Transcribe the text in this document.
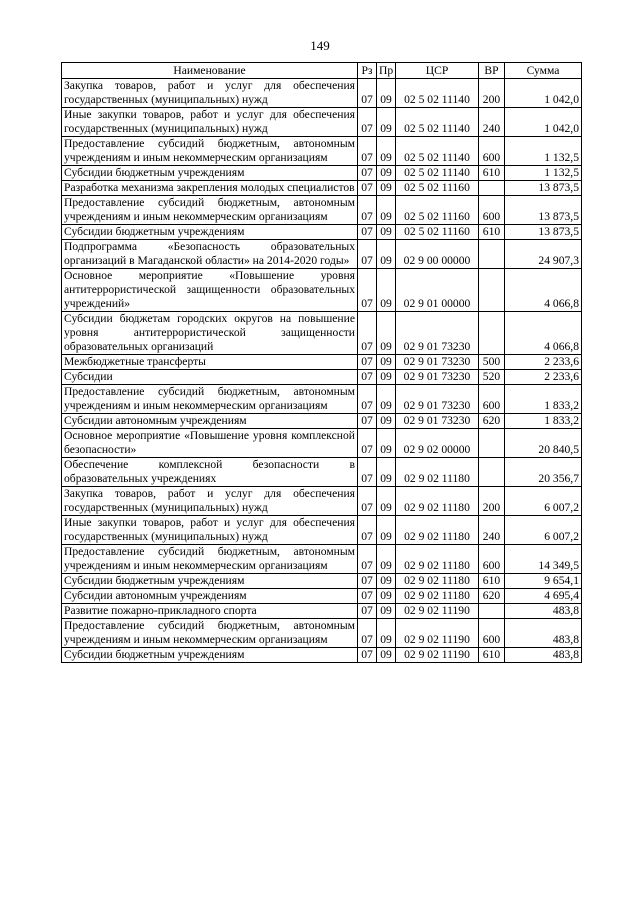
149
Наименование	Рз	Пр	ЦСР	ВР	Сумма
Закупка товаров, работ и услуг для обеспечения государственных (муниципальных) нужд	07	09	02 5 02 11140	200	1 042,0
Иные закупки товаров, работ и услуг для обеспечения государственных (муниципальных) нужд	07	09	02 5 02 11140	240	1 042,0
Предоставление субсидий бюджетным, автономным учреждениям и иным некоммерческим организациям	07	09	02 5 02 11140	600	1 132,5
Субсидии бюджетным учреждениям	07	09	02 5 02 11140	610	1 132,5
Разработка механизма закрепления молодых специалистов	07	09	02 5 02 11160		13 873,5
Предоставление субсидий бюджетным, автономным учреждениям и иным некоммерческим организациям	07	09	02 5 02 11160	600	13 873,5
Субсидии бюджетным учреждениям	07	09	02 5 02 11160	610	13 873,5
Подпрограмма «Безопасность образовательных организаций в Магаданской области» на 2014-2020 годы»	07	09	02 9 00 00000		24 907,3
Основное мероприятие «Повышение уровня антитеррористической защищенности образовательных учреждений»	07	09	02 9 01 00000		4 066,8
Субсидии бюджетам городских округов на повышение уровня антитеррористической защищенности образовательных организаций	07	09	02 9 01 73230		4 066,8
Межбюджетные трансферты	07	09	02 9 01 73230	500	2 233,6
Субсидии	07	09	02 9 01 73230	520	2 233,6
Предоставление субсидий бюджетным, автономным учреждениям и иным некоммерческим организациям	07	09	02 9 01 73230	600	1 833,2
Субсидии автономным учреждениям	07	09	02 9 01 73230	620	1 833,2
Основное мероприятие «Повышение уровня комплексной безопасности»	07	09	02 9 02 00000		20 840,5
Обеспечение комплексной безопасности в образовательных учреждениях	07	09	02 9 02 11180		20 356,7
Закупка товаров, работ и услуг для обеспечения государственных (муниципальных) нужд	07	09	02 9 02 11180	200	6 007,2
Иные закупки товаров, работ и услуг для обеспечения государственных (муниципальных) нужд	07	09	02 9 02 11180	240	6 007,2
Предоставление субсидий бюджетным, автономным учреждениям и иным некоммерческим организациям	07	09	02 9 02 11180	600	14 349,5
Субсидии бюджетным учреждениям	07	09	02 9 02 11180	610	9 654,1
Субсидии автономным учреждениям	07	09	02 9 02 11180	620	4 695,4
Развитие пожарно-прикладного спорта	07	09	02 9 02 11190		483,8
Предоставление субсидий бюджетным, автономным учреждениям и иным некоммерческим организациям	07	09	02 9 02 11190	600	483,8
Субсидии бюджетным учреждениям	07	09	02 9 02 11190	610	483,8
